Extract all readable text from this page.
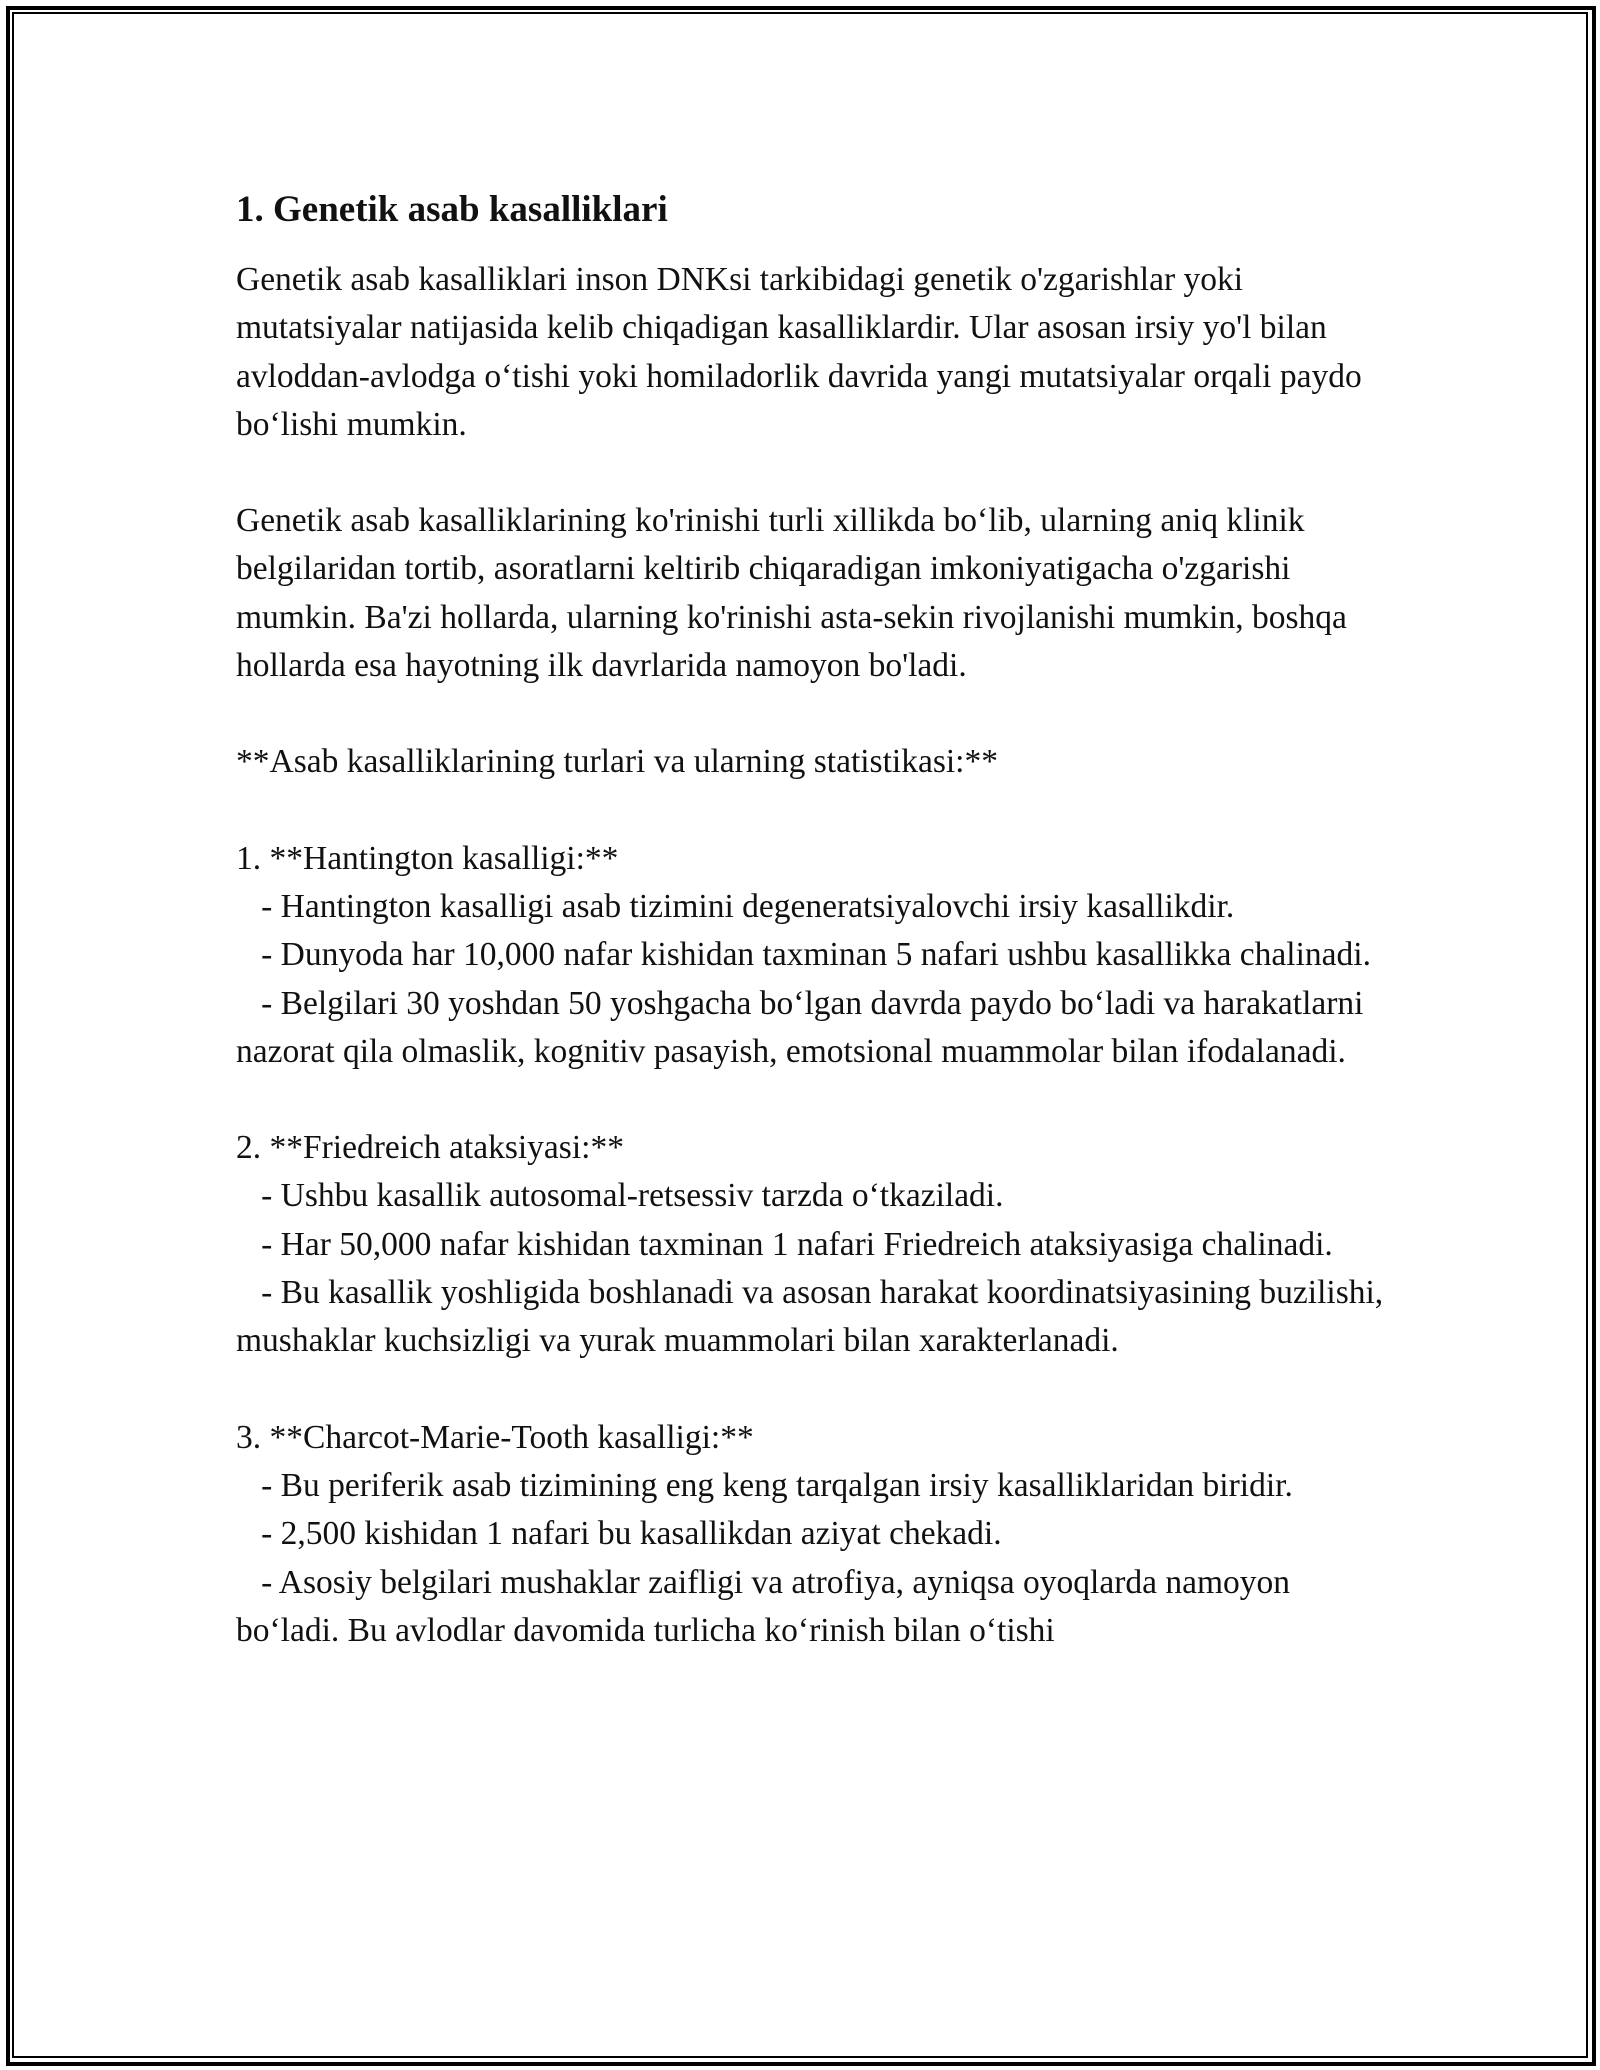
1. Genetik asab kasalliklari

Genetik asab kasalliklari inson DNKsi tarkibidagi genetik o'zgarishlar yoki mutatsiyalar natijasida kelib chiqadigan kasalliklardir. Ular asosan irsiy yo'l bilan avloddan-avlodga o‘tishi yoki homiladorlik davrida yangi mutatsiyalar orqali paydo bo‘lishi mumkin.

Genetik asab kasalliklarining ko'rinishi turli xillikda bo‘lib, ularning aniq klinik belgilaridan tortib, asoratlarni keltirib chiqaradigan imkoniyatigacha o'zgarishi mumkin. Ba'zi hollarda, ularning ko'rinishi asta-sekin rivojlanishi mumkin, boshqa hollarda esa hayotning ilk davrlarida namoyon bo'ladi.

**Asab kasalliklarining turlari va ularning statistikasi:**

1. **Hantington kasalligi:**

- Hantington kasalligi asab tizimini degeneratsiyalovchi irsiy kasallikdir.

- Dunyoda har 10,000 nafar kishidan taxminan 5 nafari ushbu kasallikka chalinadi.

- Belgilari 30 yoshdan 50 yoshgacha bo‘lgan davrda paydo bo‘ladi va harakatlarni nazorat qila olmaslik, kognitiv pasayish, emotsional muammolar bilan ifodalanadi.

2. **Friedreich ataksiyasi:**

- Ushbu kasallik autosomal-retsessiv tarzda o‘tkaziladi.

- Har 50,000 nafar kishidan taxminan 1 nafari Friedreich ataksiyasiga chalinadi.

- Bu kasallik yoshligida boshlanadi va asosan harakat koordinatsiyasining buzilishi, mushaklar kuchsizligi va yurak muammolari bilan xarakterlanadi.

3. **Charcot-Marie-Tooth kasalligi:**

- Bu periferik asab tizimining eng keng tarqalgan irsiy kasalliklaridan biridir.

- 2,500 kishidan 1 nafari bu kasallikdan aziyat chekadi.

- Asosiy belgilari mushaklar zaifligi va atrofiya, ayniqsa oyoqlarda namoyon bo‘ladi. Bu avlodlar davomida turlicha ko‘rinish bilan o‘tishi
